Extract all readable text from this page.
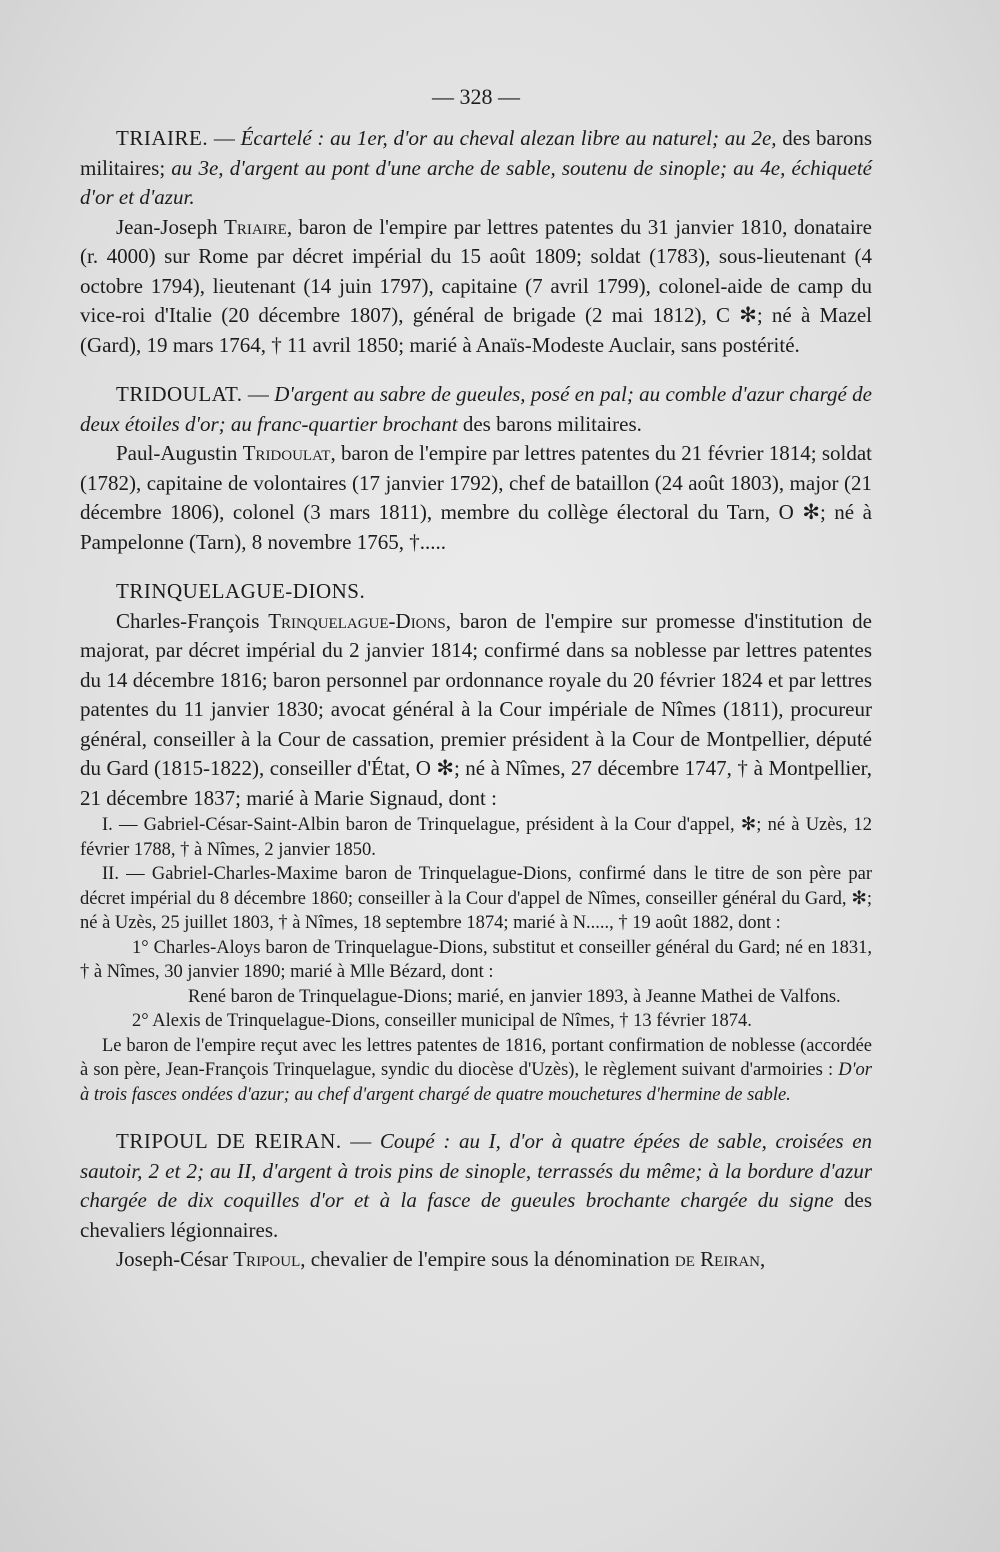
— 328 —

TRIAIRE. — Écartelé : au 1er, d'or au cheval alezan libre au naturel; au 2e, des barons militaires; au 3e, d'argent au pont d'une arche de sable, soutenu de sinople; au 4e, échiqueté d'or et d'azur.

Jean-Joseph Triaire, baron de l'empire par lettres patentes du 31 janvier 1810, donataire (r. 4000) sur Rome par décret impérial du 15 août 1809; soldat (1783), sous-lieutenant (4 octobre 1794), lieutenant (14 juin 1797), capitaine (7 avril 1799), colonel-aide de camp du vice-roi d'Italie (20 décembre 1807), général de brigade (2 mai 1812), C ✻; né à Mazel (Gard), 19 mars 1764, † 11 avril 1850; marié à Anaïs-Modeste Auclair, sans postérité.

TRIDOULAT. — D'argent au sabre de gueules, posé en pal; au comble d'azur chargé de deux étoiles d'or; au franc-quartier brochant des barons militaires.

Paul-Augustin Tridoulat, baron de l'empire par lettres patentes du 21 février 1814; soldat (1782), capitaine de volontaires (17 janvier 1792), chef de bataillon (24 août 1803), major (21 décembre 1806), colonel (3 mars 1811), membre du collège électoral du Tarn, O ✻; né à Pampelonne (Tarn), 8 novembre 1765, †.....

TRINQUELAGUE-DIONS.

Charles-François Trinquelague-Dions, baron de l'empire sur promesse d'institution de majorat, par décret impérial du 2 janvier 1814; confirmé dans sa noblesse par lettres patentes du 14 décembre 1816; baron personnel par ordonnance royale du 20 février 1824 et par lettres patentes du 11 janvier 1830; avocat général à la Cour impériale de Nîmes (1811), procureur général, conseiller à la Cour de cassation, premier président à la Cour de Montpellier, député du Gard (1815-1822), conseiller d'État, O ✻; né à Nîmes, 27 décembre 1747, † à Montpellier, 21 décembre 1837; marié à Marie Signaud, dont :

I. — Gabriel-César-Saint-Albin baron de Trinquelague, président à la Cour d'appel, ✻; né à Uzès, 12 février 1788, † à Nîmes, 2 janvier 1850.

II. — Gabriel-Charles-Maxime baron de Trinquelague-Dions, confirmé dans le titre de son père par décret impérial du 8 décembre 1860; conseiller à la Cour d'appel de Nîmes, conseiller général du Gard, ✻; né à Uzès, 25 juillet 1803, † à Nîmes, 18 septembre 1874; marié à N....., † 19 août 1882, dont :

1° Charles-Aloys baron de Trinquelague-Dions, substitut et conseiller général du Gard; né en 1831, † à Nîmes, 30 janvier 1890; marié à Mlle Bézard, dont :

René baron de Trinquelague-Dions; marié, en janvier 1893, à Jeanne Mathei de Valfons.

2° Alexis de Trinquelague-Dions, conseiller municipal de Nîmes, † 13 février 1874.

Le baron de l'empire reçut avec les lettres patentes de 1816, portant confirmation de noblesse (accordée à son père, Jean-François Trinquelague, syndic du diocèse d'Uzès), le règlement suivant d'armoiries : D'or à trois fasces ondées d'azur; au chef d'argent chargé de quatre mouchetures d'hermine de sable.

TRIPOUL DE REIRAN. — Coupé : au I, d'or à quatre épées de sable, croisées en sautoir, 2 et 2; au II, d'argent à trois pins de sinople, terrassés du même; à la bordure d'azur chargée de dix coquilles d'or et à la fasce de gueules brochante chargée du signe des chevaliers légionnaires.

Joseph-César Tripoul, chevalier de l'empire sous la dénomination de Reiran,
